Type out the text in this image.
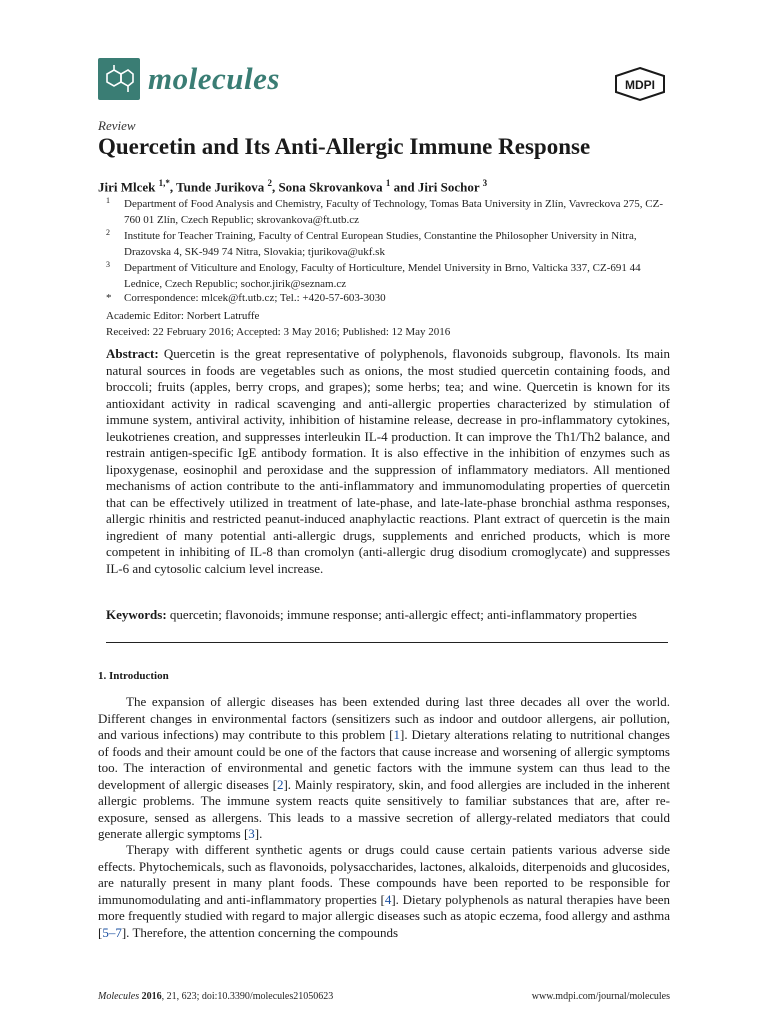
molecules	MDPI
Review
Quercetin and Its Anti-Allergic Immune Response
Jiri Mlcek $^{1,*}$, Tunde Jurikova $^2$, Sona Skrovankova $^1$ and Jiri Sochor $^3$
1 Department of Food Analysis and Chemistry, Faculty of Technology, Tomas Bata University in Zlín, Vavreckova 275, CZ-760 01 Zlín, Czech Republic; skrovankova@ft.utb.cz
2 Institute for Teacher Training, Faculty of Central European Studies, Constantine the Philosopher University in Nitra, Drazovska 4, SK-949 74 Nitra, Slovakia; tjurikova@ukf.sk
3 Department of Viticulture and Enology, Faculty of Horticulture, Mendel University in Brno, Valticka 337, CZ-691 44 Lednice, Czech Republic; sochor.jirik@seznam.cz
* Correspondence: mlcek@ft.utb.cz; Tel.: +420-57-603-3030
Academic Editor: Norbert Latruffe
Received: 22 February 2016; Accepted: 3 May 2016; Published: 12 May 2016
Abstract: Quercetin is the great representative of polyphenols, flavonoids subgroup, flavonols. Its main natural sources in foods are vegetables such as onions, the most studied quercetin containing foods, and broccoli; fruits (apples, berry crops, and grapes); some herbs; tea; and wine. Quercetin is known for its antioxidant activity in radical scavenging and anti-allergic properties characterized by stimulation of immune system, antiviral activity, inhibition of histamine release, decrease in pro-inflammatory cytokines, leukotrienes creation, and suppresses interleukin IL-4 production. It can improve the Th1/Th2 balance, and restrain antigen-specific IgE antibody formation. It is also effective in the inhibition of enzymes such as lipoxygenase, eosinophil and peroxidase and the suppression of inflammatory mediators. All mentioned mechanisms of action contribute to the anti-inflammatory and immunomodulating properties of quercetin that can be effectively utilized in treatment of late-phase, and late-late-phase bronchial asthma responses, allergic rhinitis and restricted peanut-induced anaphylactic reactions. Plant extract of quercetin is the main ingredient of many potential anti-allergic drugs, supplements and enriched products, which is more competent in inhibiting of IL-8 than cromolyn (anti-allergic drug disodium cromoglycate) and suppresses IL-6 and cytosolic calcium level increase.
Keywords: quercetin; flavonoids; immune response; anti-allergic effect; anti-inflammatory properties
1. Introduction

The expansion of allergic diseases has been extended during last three decades all over the world. Different changes in environmental factors (sensitizers such as indoor and outdoor allergens, air pollution, and various infections) may contribute to this problem [1]. Dietary alterations relating to nutritional changes of foods and their amount could be one of the factors that cause increase and worsening of allergic symptoms too. The interaction of environmental and genetic factors with the immune system can thus lead to the development of allergic diseases [2]. Mainly respiratory, skin, and food allergies are included in the inherent allergic problems. The immune system reacts quite sensitively to familiar substances that are, after re-exposure, sensed as allergens. This leads to a massive secretion of allergy-related mediators that could generate allergic symptoms [3].

Therapy with different synthetic agents or drugs could cause certain patients various adverse side effects. Phytochemicals, such as flavonoids, polysaccharides, lactones, alkaloids, diterpenoids and glucosides, are naturally present in many plant foods. These compounds have been reported to be responsible for immunomodulating and anti-inflammatory properties [4]. Dietary polyphenols as natural therapies have been more frequently studied with regard to major allergic diseases such as atopic eczema, food allergy and asthma [5–7]. Therefore, the attention concerning the compounds

Molecules 2016, 21, 623; doi:10.3390/molecules21050623	www.mdpi.com/journal/molecules
